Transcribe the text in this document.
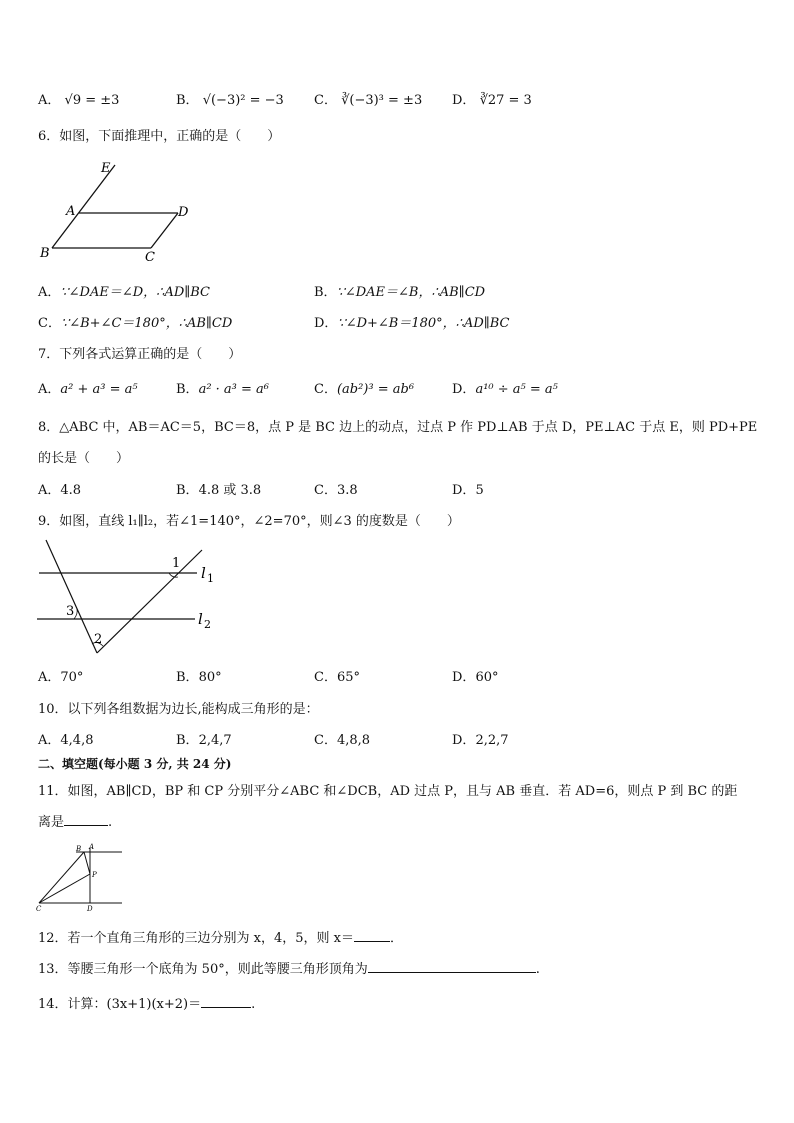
A． √9 = ±3	B． √(−3)² = −3 C． ∛(−3)³ = ±3 D． ∛27 = 3
6．如图，下面推理中，正确的是（　　）
E
A	D
B	C
A．∵∠DAE＝∠D，∴AD∥BC	B．∵∠DAE＝∠B，∴AB∥CD
C．∵∠B+∠C＝180°，∴AB∥CD	D．∵∠D+∠B＝180°，∴AD∥BC
7．下列各式运算正确的是（　　）
A．a² + a³ = a⁵	B．a² · a³ = a⁶	C．(ab²)³ = ab⁶	D．a¹⁰ ÷ a⁵ = a⁵
8．△ABC 中，AB＝AC＝5，BC＝8，点 P 是 BC 边上的动点，过点 P 作 PD⊥AB 于点 D，PE⊥AC 于点 E，则 PD+PE
的长是（　　）
A．4.8	B．4.8 或 3.8	C．3.8	D．5
9．如图，直线 l₁∥l₂，若∠1=140°，∠2=70°，则∠3 的度数是（　　）
1
2
3
l 1
l 2
A．70°	B．80°	C．65°	D．60°
10．以下列各组数据为边长,能构成三角形的是：
A．4,4,8	B．2,4,7	C．4,8,8	D．2,2,7
二、填空题(每小题 3 分, 共 24 分)
11．如图，AB∥CD，BP 和 CP 分别平分∠ABC 和∠DCB，AD 过点 P，且与 AB 垂直．若 AD=6，则点 P 到 BC 的距
离是	.
B A
P
C	D
12．若一个直角三角形的三边分别为 x，4，5，则 x＝	．
13．等腰三角形一个底角为 50°，则此等腰三角形顶角为	.
14．计算：(3x+1)(x+2)＝	.
